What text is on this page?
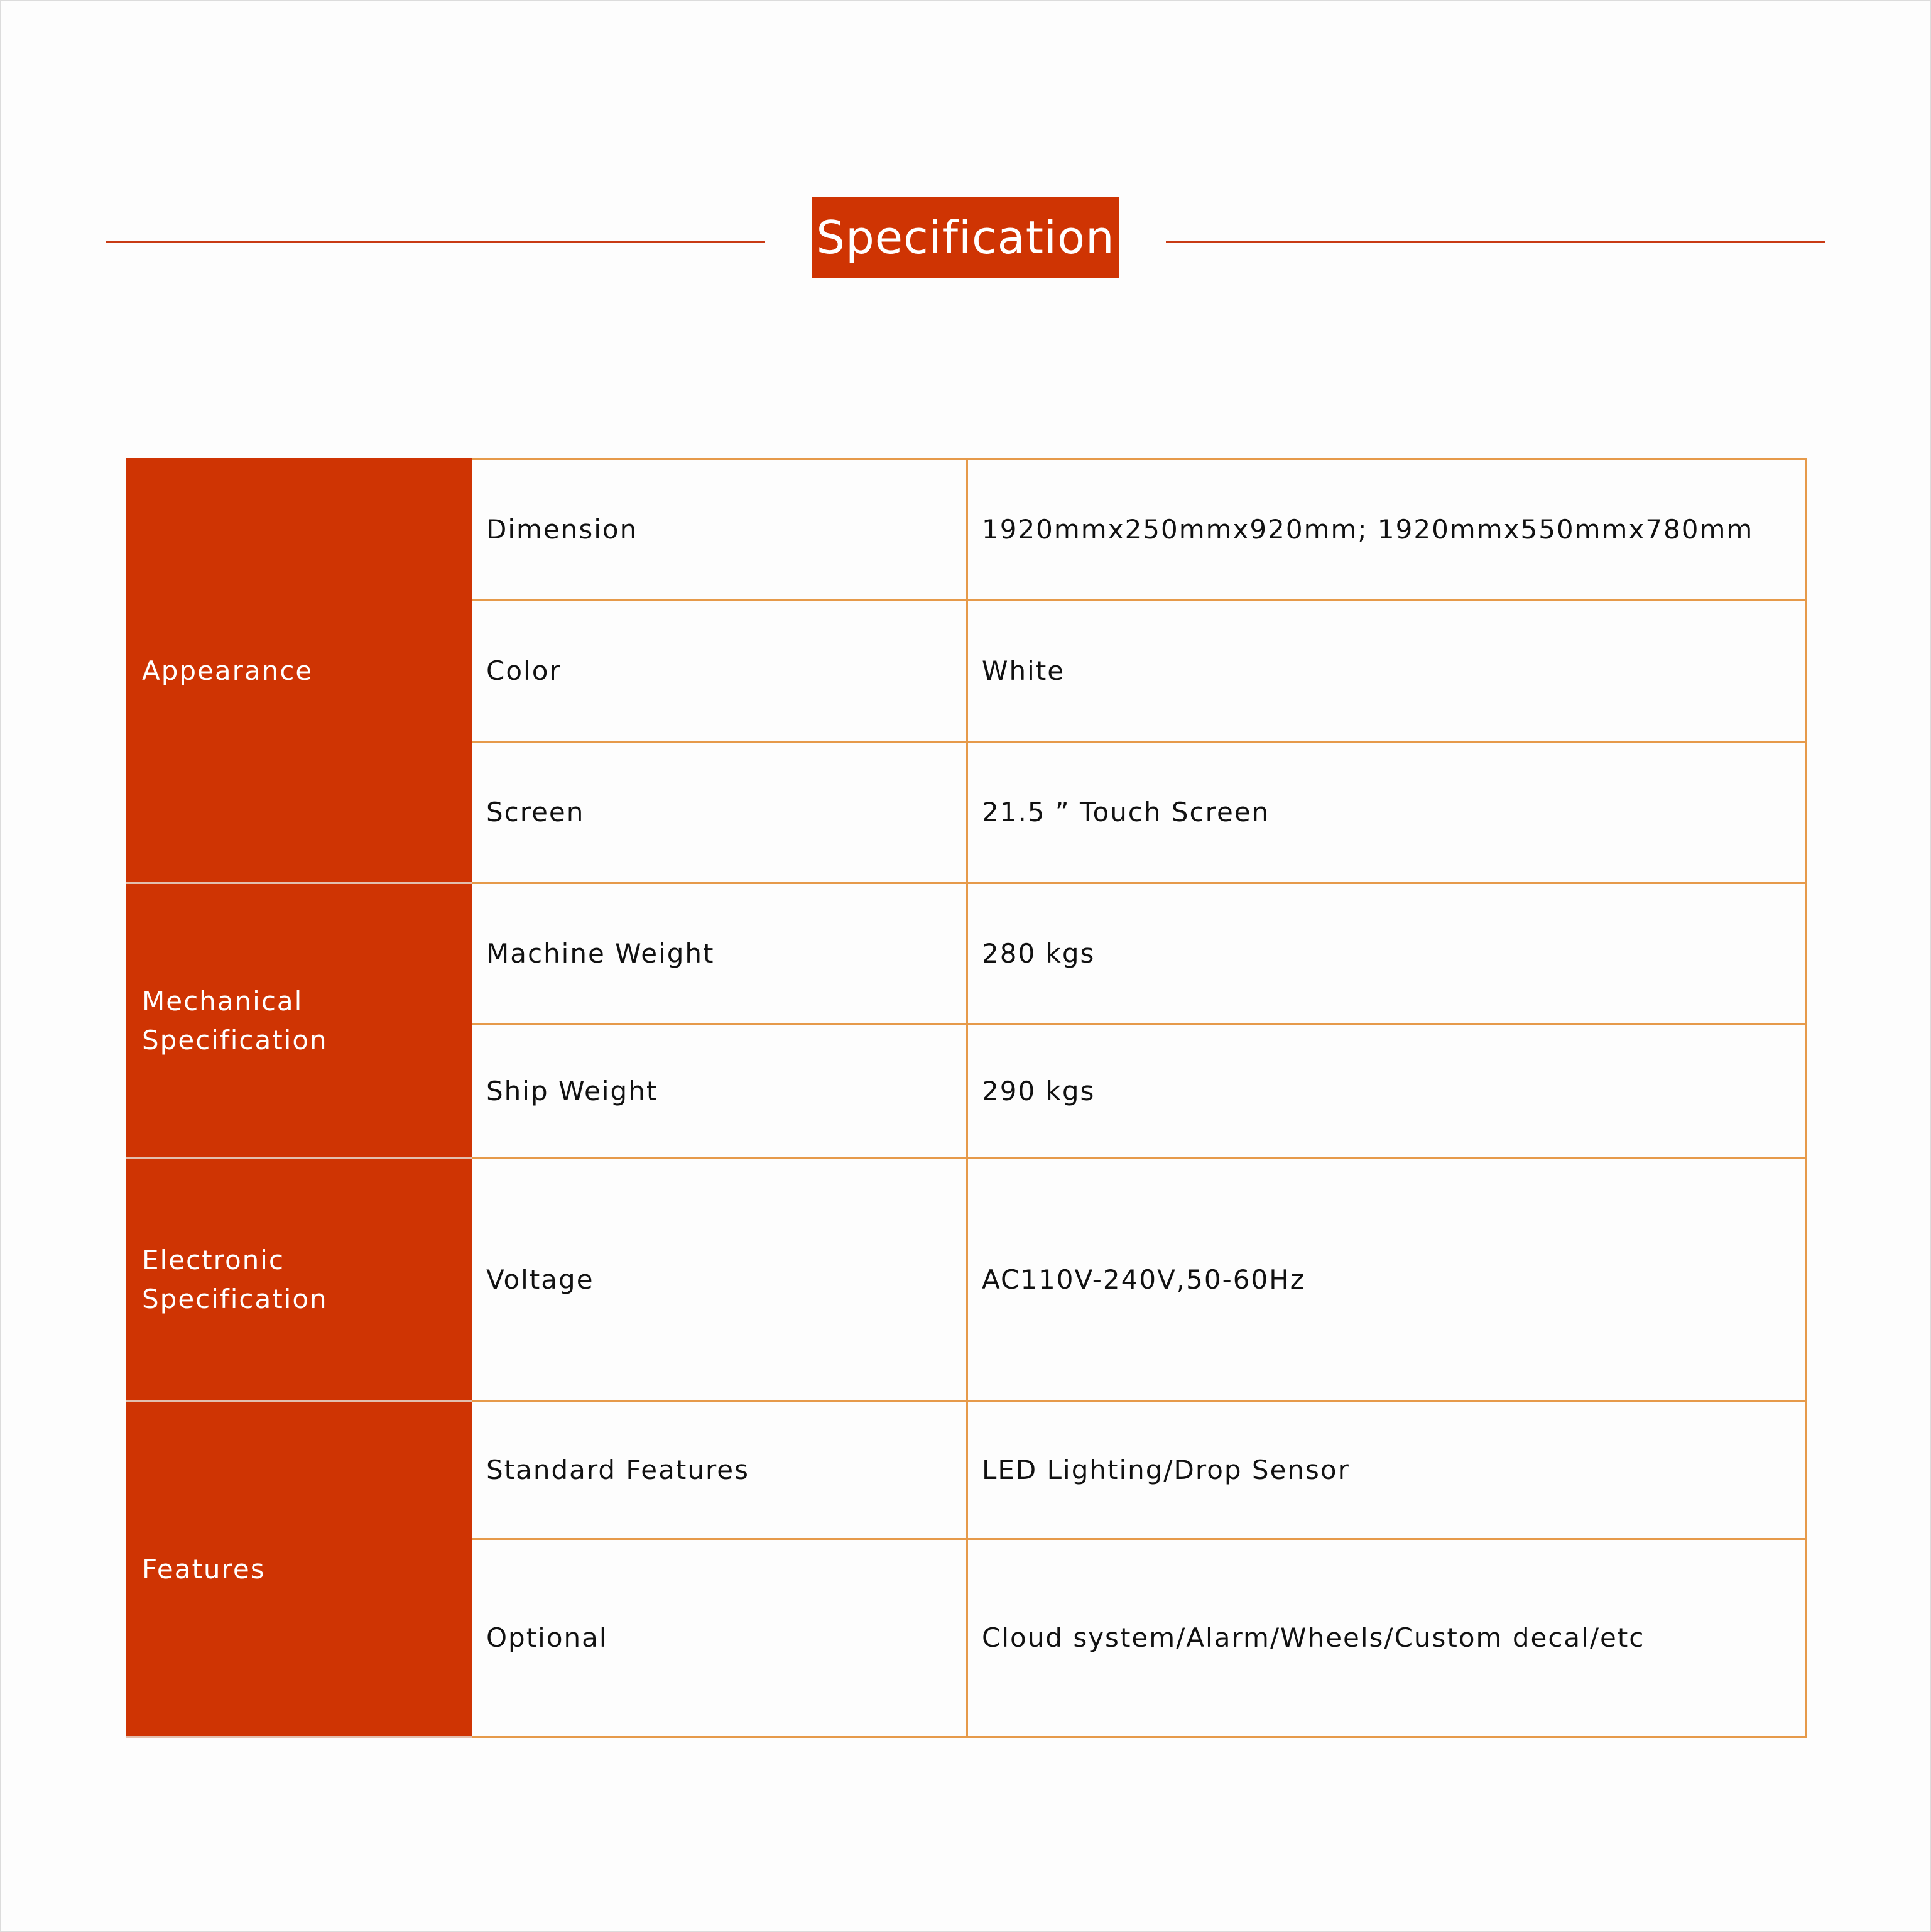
Specification
Appearance	Dimension	1920mmx250mmx920mm; 1920mmx550mmx780mm
	Color	White
	Screen	21.5 ” Touch Screen
Mechanical Specification	Machine Weight	280 kgs
	Ship Weight	290 kgs
Electronic Specification	Voltage	AC110V-240V,50-60Hz
Features	Standard Features	LED Lighting/Drop Sensor
	Optional	Cloud system/Alarm/Wheels/Custom decal/etc
